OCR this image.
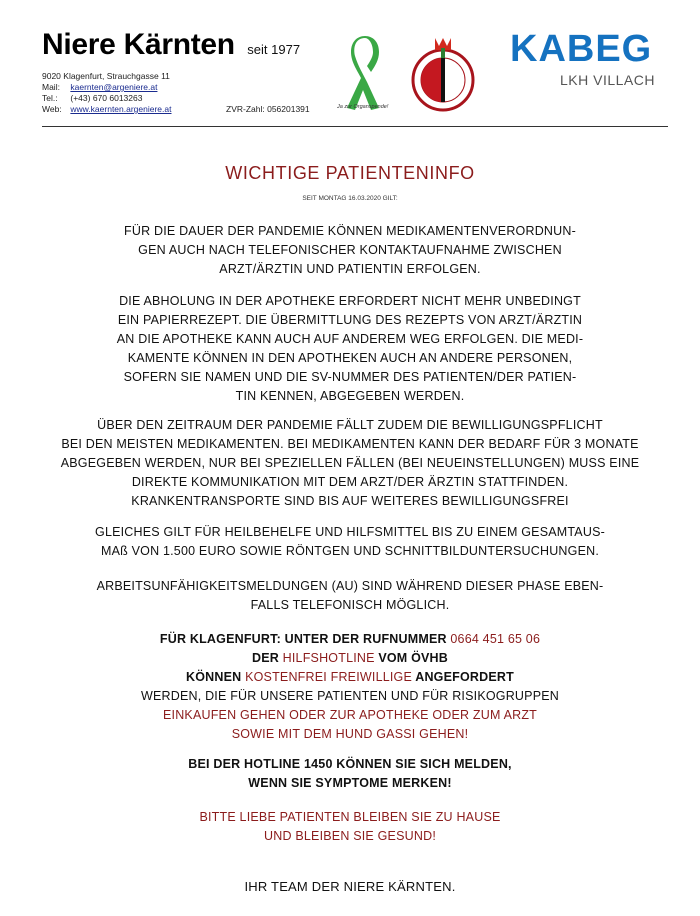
Niere Kärnten seit 1977
9020 Klagenfurt, Strauchgasse 11
Mail: kaernten@argeniere.at
Tel.: (+43) 670 6013263
Web: www.kaernten.argeniere.at	ZVR-Zahl: 056201391	Ja zur Organspende!
KABEG
LKH VILLACH
WICHTIGE PATIENTENINFO
SEIT MONTAG 16.03.2020 GILT:
FÜR DIE DAUER DER PANDEMIE KÖNNEN MEDIKAMENTENVERORDNUN-
GEN AUCH NACH TELEFONISCHER KONTAKTAUFNAHME ZWISCHEN
ARZT/ÄRZTIN UND PATIENTIN ERFOLGEN.
DIE ABHOLUNG IN DER APOTHEKE ERFORDERT NICHT MEHR UNBEDINGT
EIN PAPIERREZEPT. DIE ÜBERMITTLUNG DES REZEPTS VON ARZT/ÄRZTIN
AN DIE APOTHEKE KANN AUCH AUF ANDEREM WEG ERFOLGEN. DIE MEDI-
KAMENTE KÖNNEN IN DEN APOTHEKEN AUCH AN ANDERE PERSONEN,
SOFERN SIE NAMEN UND DIE SV-NUMMER DES PATIENTEN/DER PATIEN-
TIN KENNEN, ABGEGEBEN WERDEN.
ÜBER DEN ZEITRAUM DER PANDEMIE FÄLLT ZUDEM DIE BEWILLIGUNGSPFLICHT
BEI DEN MEISTEN MEDIKAMENTEN. BEI MEDIKAMENTEN KANN DER BEDARF FÜR 3 MONATE
ABGEGEBEN WERDEN, NUR BEI SPEZIELLEN FÄLLEN (BEI NEUEINSTELLUNGEN) MUSS EINE
DIREKTE KOMMUNIKATION MIT DEM ARZT/DER ÄRZTIN STATTFINDEN.
KRANKENTRANSPORTE SIND BIS AUF WEITERES BEWILLIGUNGSFREI
GLEICHES GILT FÜR HEILBEHELFE UND HILFSMITTEL BIS ZU EINEM GESAMTAUS-
MAß VON 1.500 EURO SOWIE RÖNTGEN UND SCHNITTBILDUNTERSUCHUNGEN.
ARBEITSUNFÄHIGKEITSMELDUNGEN (AU) SIND WÄHREND DIESER PHASE EBEN-
FALLS TELEFONISCH MÖGLICH.
FÜR KLAGENFURT: UNTER DER RUFNUMMER 0664 451 65 06
DER HILFSHOTLINE VOM ÖVHB
KÖNNEN KOSTENFREI FREIWILLIGE ANGEFORDERT
WERDEN, DIE FÜR UNSERE PATIENTEN UND FÜR RISIKOGRUPPEN
EINKAUFEN GEHEN ODER ZUR APOTHEKE ODER ZUM ARZT
SOWIE MIT DEM HUND GASSI GEHEN!
BEI DER HOTLINE 1450 KÖNNEN SIE SICH MELDEN,
WENN SIE SYMPTOME MERKEN!
BITTE LIEBE PATIENTEN BLEIBEN SIE ZU HAUSE
UND BLEIBEN SIE GESUND!
IHR TEAM DER NIERE KÄRNTEN.
